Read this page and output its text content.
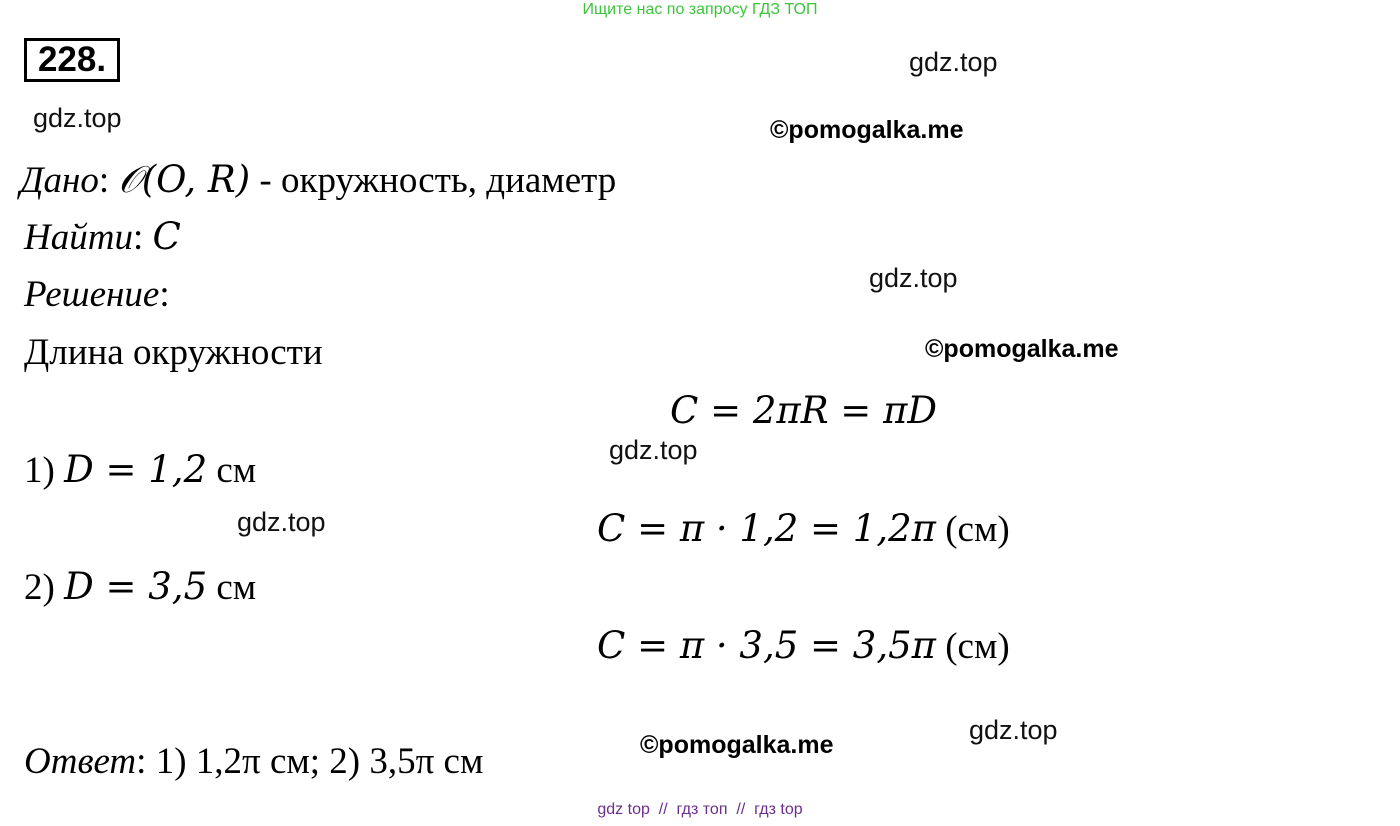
Ищите нас по запросу ГДЗ ТОП
228.	gdz.top
gdz.top	©pomogalka.me
gdz.top
©pomogalka.me
gdz.top
gdz.top
gdz.top
©pomogalka.me
Дано: 𝒪(O, R) - окружность, диаметр
Найти: C
Решение:
Длина окружности
C = 2πR = πD
1) D = 1,2 см
C = π · 1,2 = 1,2π (см)
2) D = 3,5 см
C = π · 3,5 = 3,5π (см)
Ответ: 1) 1,2π см; 2) 3,5π см
gdz top  //  гдз топ  //  гдз top
